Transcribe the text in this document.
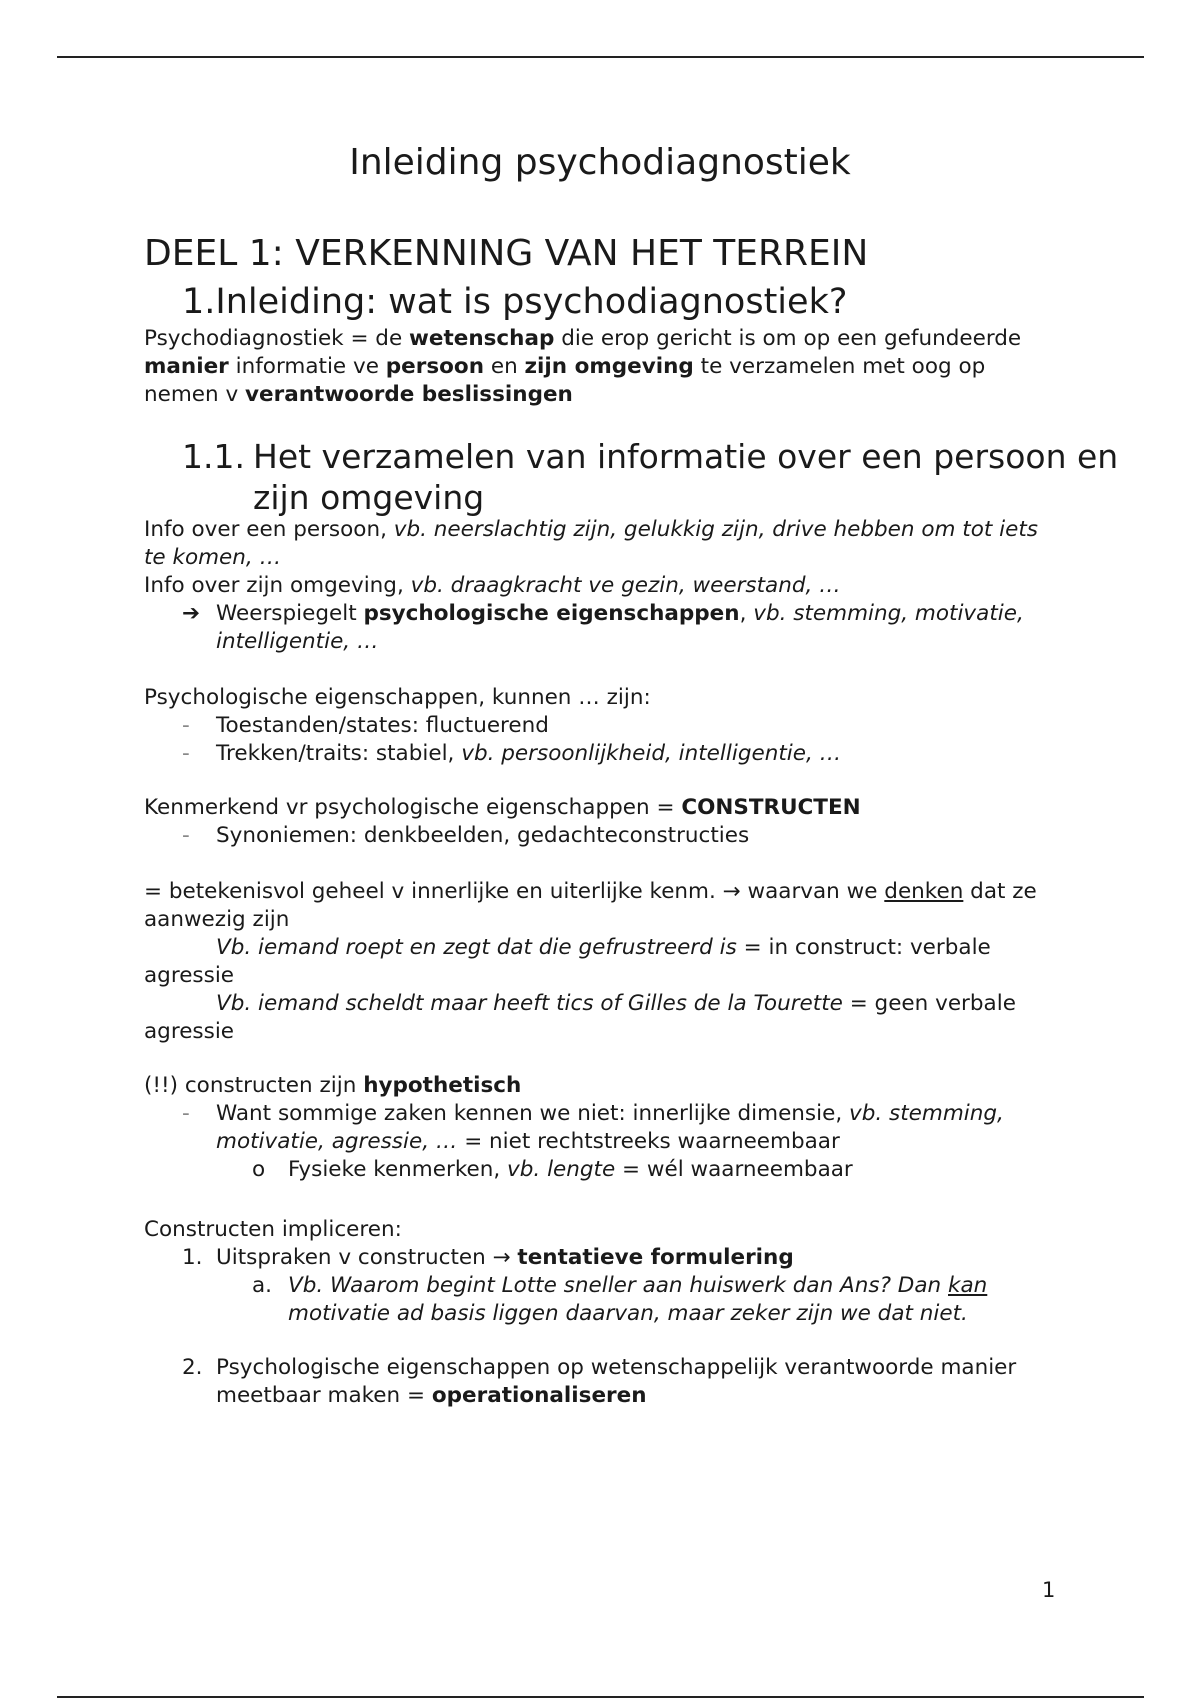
Inleiding psychodiagnostiek
DEEL 1: VERKENNING VAN HET TERREIN
1.Inleiding: wat is psychodiagnostiek?
Psychodiagnostiek = de wetenschap die erop gericht is om op een gefundeerde manier informatie ve persoon en zijn omgeving te verzamelen met oog op nemen v verantwoorde beslissingen
1.1. Het verzamelen van informatie over een persoon en zijn omgeving
Info over een persoon, vb. neerslachtig zijn, gelukkig zijn, drive hebben om tot iets te komen, …
Info over zijn omgeving, vb. draagkracht ve gezin, weerstand, …
➔ Weerspiegelt psychologische eigenschappen, vb. stemming, motivatie, intelligentie, …
Psychologische eigenschappen, kunnen … zijn:
- Toestanden/states: fluctuerend
- Trekken/traits: stabiel, vb. persoonlijkheid, intelligentie, …
Kenmerkend vr psychologische eigenschappen = CONSTRUCTEN
- Synoniemen: denkbeelden, gedachteconstructies
= betekenisvol geheel v innerlijke en uiterlijke kenm. → waarvan we denken dat ze aanwezig zijn
Vb. iemand roept en zegt dat die gefrustreerd is = in construct: verbale agressie
Vb. iemand scheldt maar heeft tics of Gilles de la Tourette = geen verbale agressie
(!!) constructen zijn hypothetisch
- Want sommige zaken kennen we niet: innerlijke dimensie, vb. stemming, motivatie, agressie, … = niet rechtstreeks waarneembaar
o Fysieke kenmerken, vb. lengte = wél waarneembaar
Constructen impliceren:
1. Uitspraken v constructen → tentatieve formulering
a. Vb. Waarom begint Lotte sneller aan huiswerk dan Ans? Dan kan motivatie ad basis liggen daarvan, maar zeker zijn we dat niet.
2. Psychologische eigenschappen op wetenschappelijk verantwoorde manier meetbaar maken = operationaliseren
1
